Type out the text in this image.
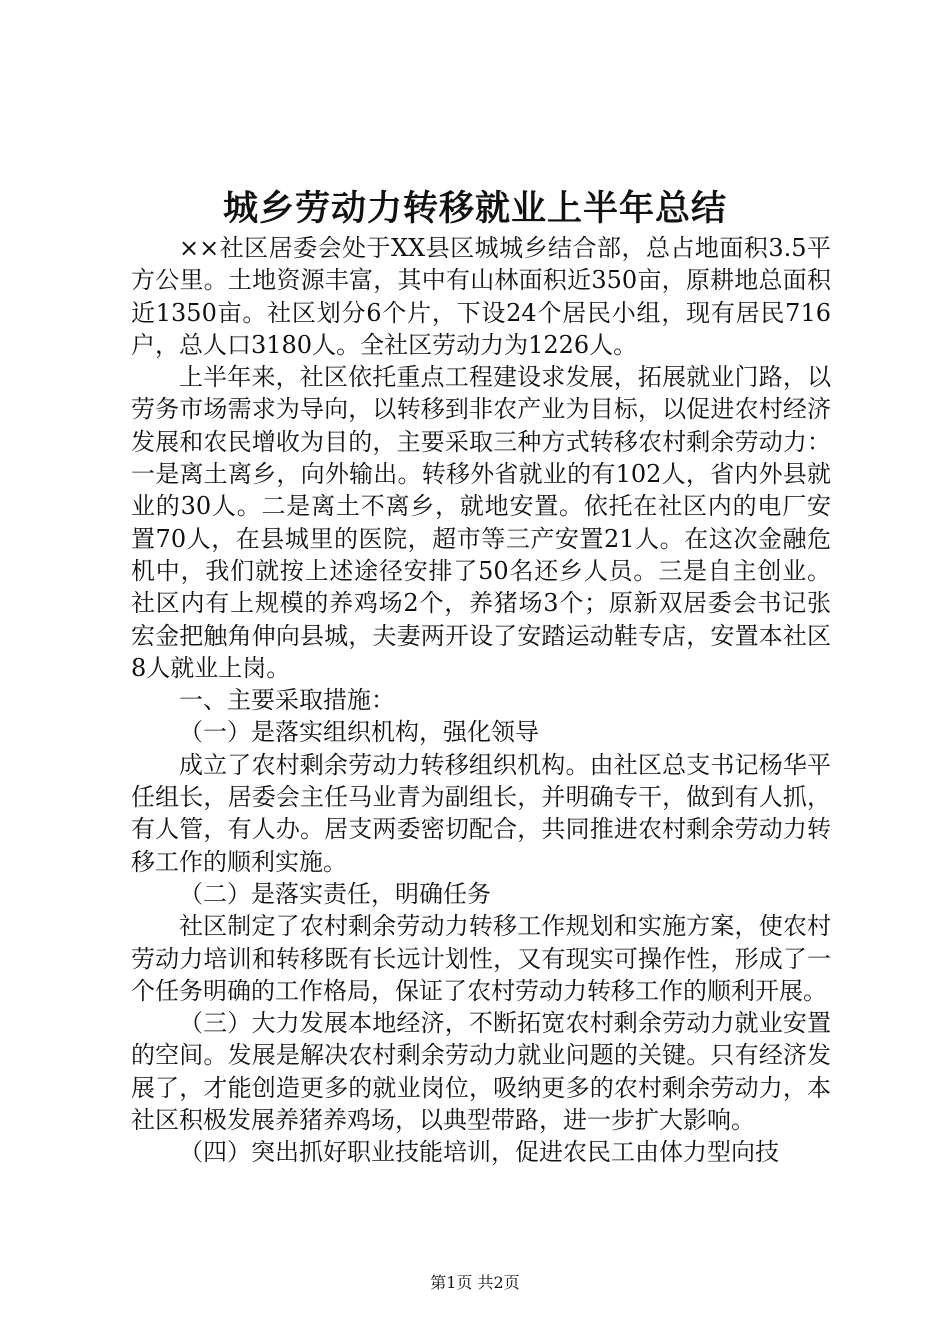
城乡劳动力转移就业上半年总结

××社区居委会处于XX县区城城乡结合部，总占地面积3.5平方公里。土地资源丰富，其中有山林面积近350亩，原耕地总面积近1350亩。社区划分6个片，下设24个居民小组，现有居民716户，总人口3180人。全社区劳动力为1226人。

上半年来，社区依托重点工程建设求发展，拓展就业门路，以劳务市场需求为导向，以转移到非农产业为目标，以促进农村经济发展和农民增收为目的，主要采取三种方式转移农村剩余劳动力：一是离土离乡，向外输出。转移外省就业的有102人，省内外县就业的30人。二是离土不离乡，就地安置。依托在社区内的电厂安置70人，在县城里的医院，超市等三产安置21人。在这次金融危机中，我们就按上述途径安排了50名还乡人员。三是自主创业。社区内有上规模的养鸡场2个，养猪场3个；原新双居委会书记张宏金把触角伸向县城，夫妻两开设了安踏运动鞋专店，安置本社区8人就业上岗。

一、主要采取措施：

（一）是落实组织机构，强化领导

成立了农村剩余劳动力转移组织机构。由社区总支书记杨华平任组长，居委会主任马业青为副组长，并明确专干，做到有人抓，有人管，有人办。居支两委密切配合，共同推进农村剩余劳动力转移工作的顺利实施。

（二）是落实责任，明确任务

社区制定了农村剩余劳动力转移工作规划和实施方案，使农村劳动力培训和转移既有长远计划性，又有现实可操作性，形成了一个任务明确的工作格局，保证了农村劳动力转移工作的顺利开展。

（三）大力发展本地经济，不断拓宽农村剩余劳动力就业安置的空间。发展是解决农村剩余劳动力就业问题的关键。只有经济发展了，才能创造更多的就业岗位，吸纳更多的农村剩余劳动力，本社区积极发展养猪养鸡场，以典型带路，进一步扩大影响。

（四）突出抓好职业技能培训，促进农民工由体力型向技

第1页 共2页
